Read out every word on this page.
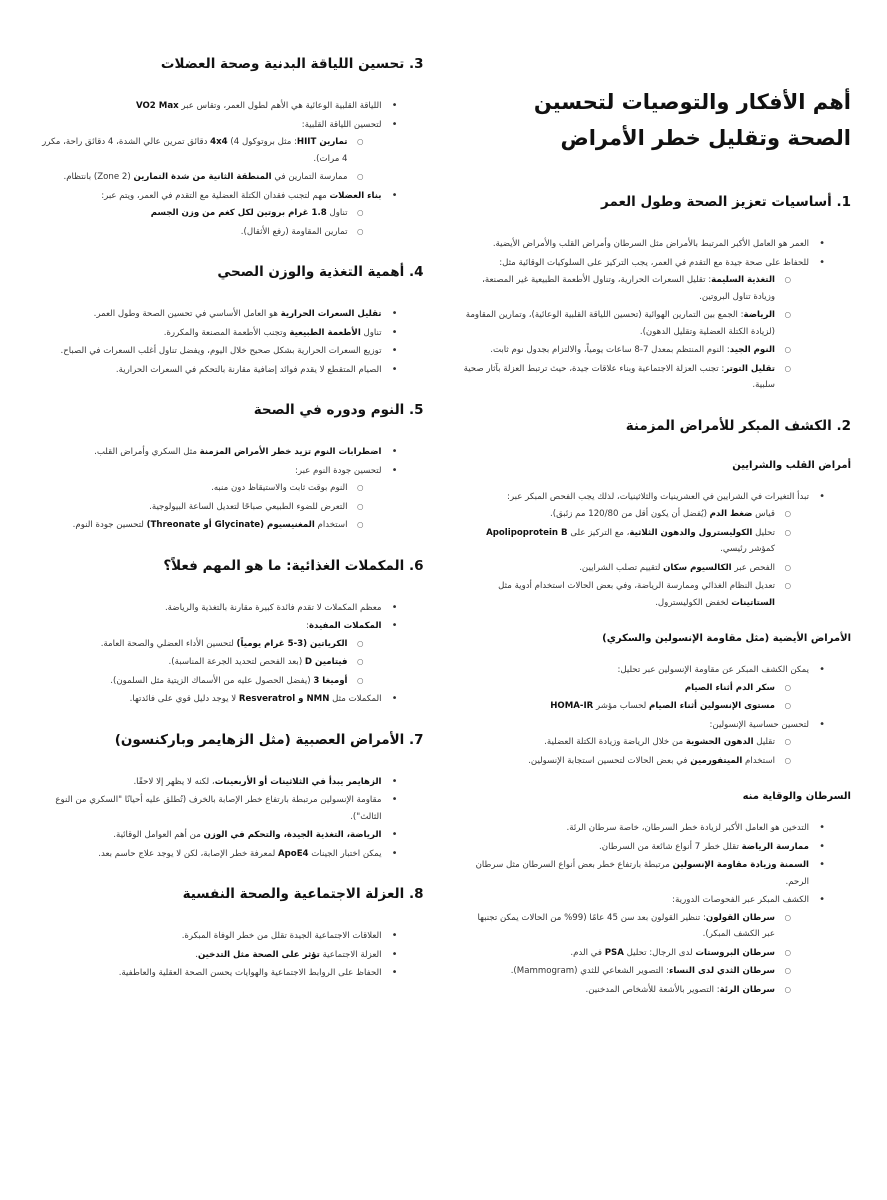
أهم الأفكار والتوصيات لتحسين الصحة وتقليل خطر الأمراض
1. أساسيات تعزيز الصحة وطول العمر
• العمر هو العامل الأكبر المرتبط بالأمراض مثل السرطان وأمراض القلب والأمراض الأيضية.
• للحفاظ على صحة جيدة مع التقدم في العمر، يجب التركيز على السلوكيات الوقائية مثل:
○ التغذية السليمة: تقليل السعرات الحرارية، وتناول الأطعمة الطبيعية غير المصنعة، وزيادة تناول البروتين.
○ الرياضة: الجمع بين التمارين الهوائية (تحسين اللياقة القلبية الوعائية)، وتمارين المقاومة (لزيادة الكتلة العضلية وتقليل الدهون).
○ النوم الجيد: النوم المنتظم بمعدل 7-8 ساعات يومياً، والالتزام بجدول نوم ثابت.
○ تقليل التوتر: تجنب العزلة الاجتماعية وبناء علاقات جيدة، حيث ترتبط العزلة بآثار صحية سلبية.
2. الكشف المبكر للأمراض المزمنة
أمراض القلب والشرايين
• تبدأ التغيرات في الشرايين في العشرينيات والثلاثينيات، لذلك يجب الفحص المبكر عبر:
○ قياس ضغط الدم (يُفضل أن يكون أقل من 120/80 مم زئبق).
○ تحليل الكوليسترول والدهون الثلاثية، مع التركيز على Apolipoprotein B كمؤشر رئيسي.
○ الفحص عبر الكالسيوم سكان لتقييم تصلب الشرايين.
○ تعديل النظام الغذائي وممارسة الرياضة، وفي بعض الحالات استخدام أدوية مثل الستاتينات لخفض الكوليسترول.
الأمراض الأيضية (مثل مقاومة الإنسولين والسكري)
• يمكن الكشف المبكر عن مقاومة الإنسولين عبر تحليل:
○ سكر الدم أثناء الصيام
○ مستوى الإنسولين أثناء الصيام لحساب مؤشر HOMA-IR
• لتحسين حساسية الإنسولين:
○ تقليل الدهون الحشوية من خلال الرياضة وزيادة الكتلة العضلية.
○ استخدام الميتفورمين في بعض الحالات لتحسين استجابة الإنسولين.
السرطان والوقاية منه
• التدخين هو العامل الأكبر لزيادة خطر السرطان، خاصة سرطان الرئة.
• ممارسة الرياضة تقلل خطر 7 أنواع شائعة من السرطان.
• السمنة وزيادة مقاومة الإنسولين مرتبطة بارتفاع خطر بعض أنواع السرطان مثل سرطان الرحم.
• الكشف المبكر عبر الفحوصات الدورية:
○ سرطان القولون: تنظير القولون بعد سن 45 عامًا (99% من الحالات يمكن تجنبها عبر الكشف المبكر).
○ سرطان البروستات لدى الرجال: تحليل PSA في الدم.
○ سرطان الثدي لدى النساء: التصوير الشعاعي للثدي (Mammogram).
○ سرطان الرئة: التصوير بالأشعة للأشخاص المدخنين.
3. تحسين اللياقة البدنية وصحة العضلات
• اللياقة القلبية الوعائية هي الأهم لطول العمر، وتقاس عبر VO2 Max
• لتحسين اللياقة القلبية:
○ تمارين HIIT: مثل بروتوكول 4) 4x4 دقائق تمرين عالي الشدة، 4 دقائق راحة، مكرر 4 مرات).
○ ممارسة التمارين في المنطقة الثانية من شدة التمارين (Zone 2) بانتظام.
• بناء العضلات مهم لتجنب فقدان الكتلة العضلية مع التقدم في العمر، ويتم عبر:
○ تناول 1.8 غرام بروتين لكل كغم من وزن الجسم
○ تمارين المقاومة (رفع الأثقال).
4. أهمية التغذية والوزن الصحي
• تقليل السعرات الحرارية هو العامل الأساسي في تحسين الصحة وطول العمر.
• تناول الأطعمة الطبيعية وتجنب الأطعمة المصنعة والمكررة.
• توزيع السعرات الحرارية بشكل صحيح خلال اليوم، ويفضل تناول أغلب السعرات في الصباح.
• الصيام المتقطع لا يقدم فوائد إضافية مقارنة بالتحكم في السعرات الحرارية.
5. النوم ودوره في الصحة
• اضطرابات النوم تزيد خطر الأمراض المزمنة مثل السكري وأمراض القلب.
• لتحسين جودة النوم عبر:
○ النوم بوقت ثابت والاستيقاظ دون منبه.
○ التعرض للضوء الطبيعي صباحًا لتعديل الساعة البيولوجية.
○ استخدام المغنيسيوم (Glycinate أو Threonate) لتحسين جودة النوم.
6. المكملات الغذائية: ما هو المهم فعلاً؟
• معظم المكملات لا تقدم فائدة كبيرة مقارنة بالتغذية والرياضة.
• المكملات المفيدة:
○ الكرياتين (3-5 غرام يومياً) لتحسين الأداء العضلي والصحة العامة.
○ فيتامين D (بعد الفحص لتحديد الجرعة المناسبة).
○ أوميغا 3 (يفضل الحصول عليه من الأسماك الزيتية مثل السلمون).
• المكملات مثل NMN و Resveratrol لا يوجد دليل قوي على فائدتها.
7. الأمراض العصبية (مثل الزهايمر وباركنسون)
• الزهايمر يبدأ في الثلاثينات أو الأربعينات، لكنه لا يظهر إلا لاحقًا.
• مقاومة الإنسولين مرتبطة بارتفاع خطر الإصابة بالخرف (تُطلق عليه أحيانًا "السكري من النوع الثالث").
• الرياضة، التغذية الجيدة، والتحكم في الوزن من أهم العوامل الوقائية.
• يمكن اختبار الجينات ApoE4 لمعرفة خطر الإصابة، لكن لا يوجد علاج حاسم بعد.
8. العزلة الاجتماعية والصحة النفسية
• العلاقات الاجتماعية الجيدة تقلل من خطر الوفاة المبكرة.
• العزلة الاجتماعية تؤثر على الصحة مثل التدخين.
• الحفاظ على الروابط الاجتماعية والهوايات يحسن الصحة العقلية والعاطفية.
